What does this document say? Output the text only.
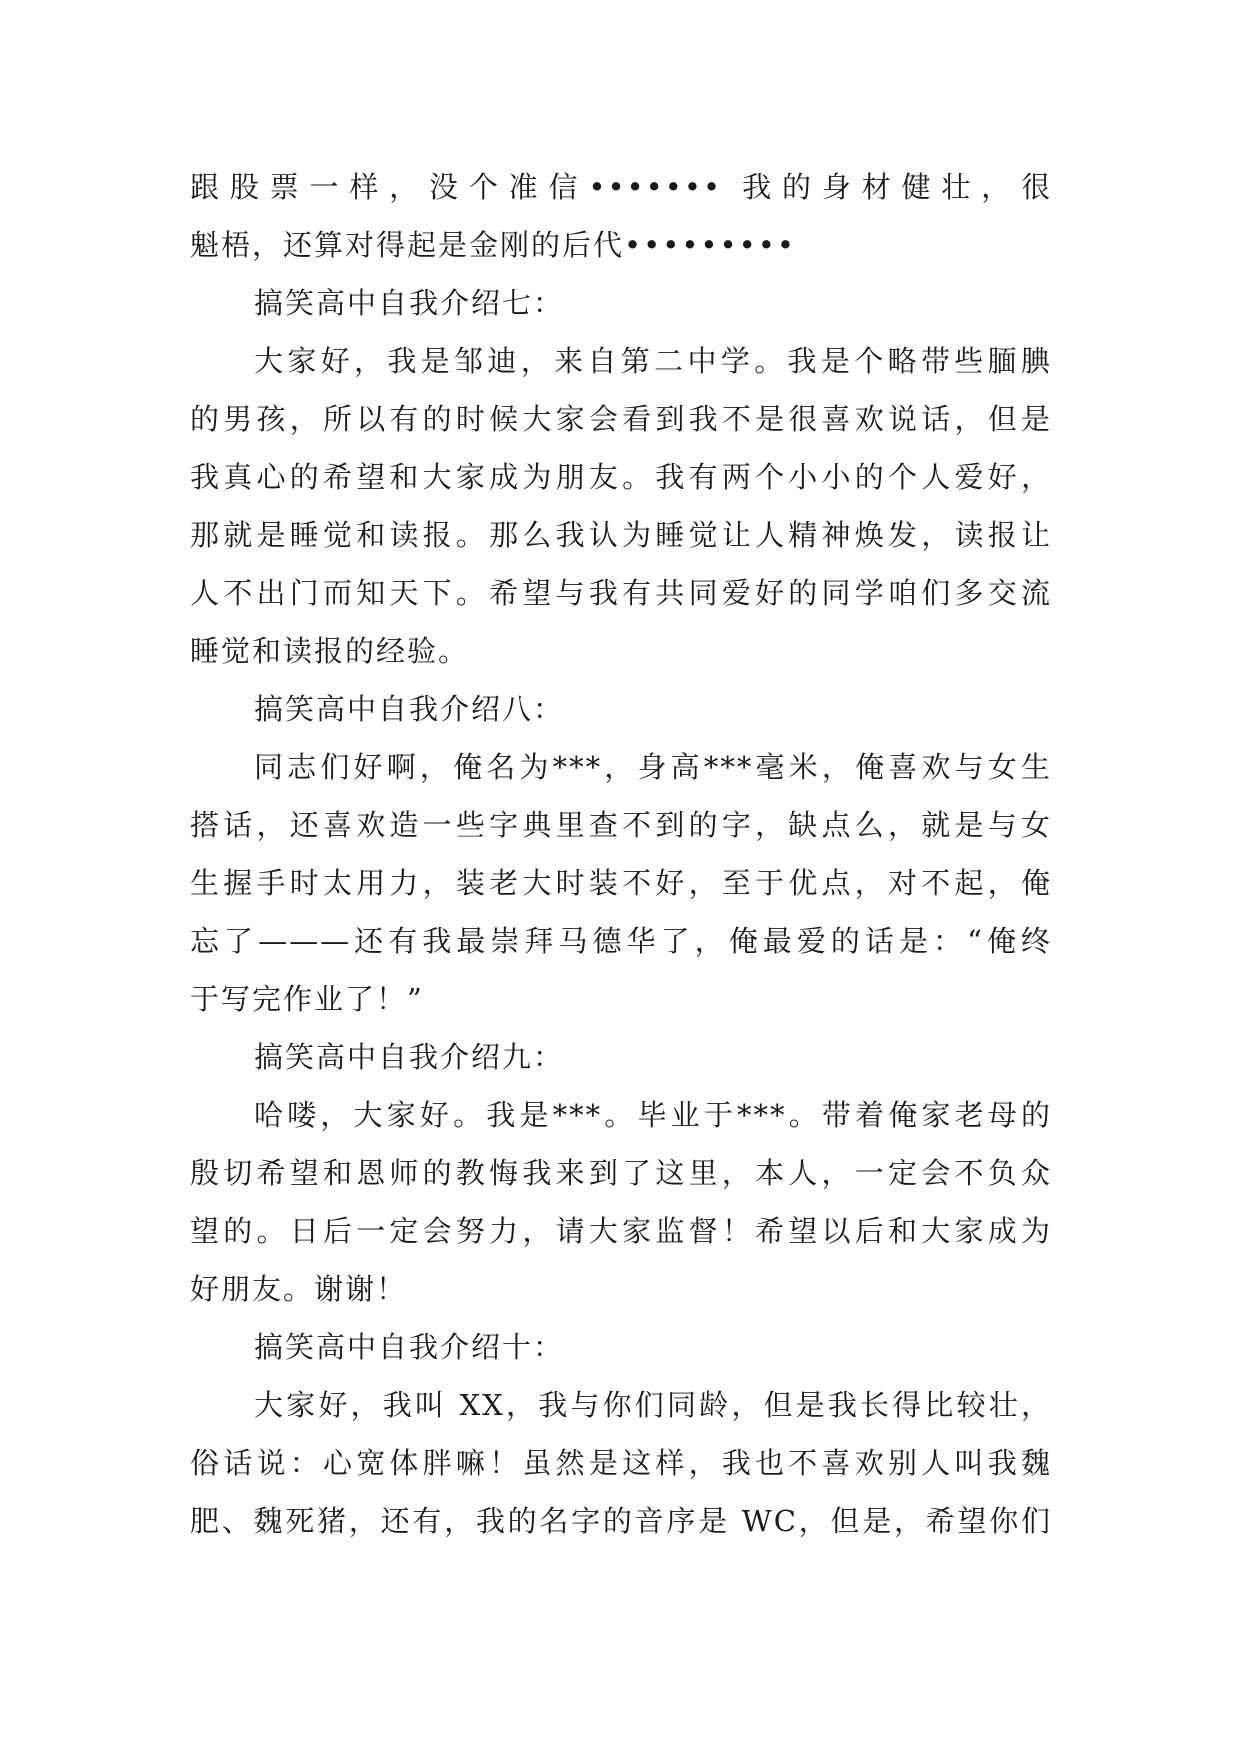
跟股票一样，没个准信••••••• 我的身材健壮，很
魁梧，还算对得起是金刚的后代•••••••••
搞笑高中自我介绍七：
大家好，我是邹迪，来自第二中学。我是个略带些腼腆
的男孩，所以有的时候大家会看到我不是很喜欢说话，但是
我真心的希望和大家成为朋友。我有两个小小的个人爱好，
那就是睡觉和读报。那么我认为睡觉让人精神焕发，读报让
人不出门而知天下。希望与我有共同爱好的同学咱们多交流
睡觉和读报的经验。
搞笑高中自我介绍八：
同志们好啊，俺名为***，身高***毫米，俺喜欢与女生
搭话，还喜欢造一些字典里查不到的字，缺点么，就是与女
生握手时太用力，装老大时装不好，至于优点，对不起，俺
忘了———还有我最崇拜马德华了，俺最爱的话是：“俺终
于写完作业了！”
搞笑高中自我介绍九：
哈喽，大家好。我是***。毕业于***。带着俺家老母的
殷切希望和恩师的教悔我来到了这里，本人，一定会不负众
望的。日后一定会努力，请大家监督！希望以后和大家成为
好朋友。谢谢！
搞笑高中自我介绍十：
大家好，我叫 XX，我与你们同龄，但是我长得比较壮，
俗话说：心宽体胖嘛！虽然是这样，我也不喜欢别人叫我魏
肥、魏死猪，还有，我的名字的音序是 WC，但是，希望你们
